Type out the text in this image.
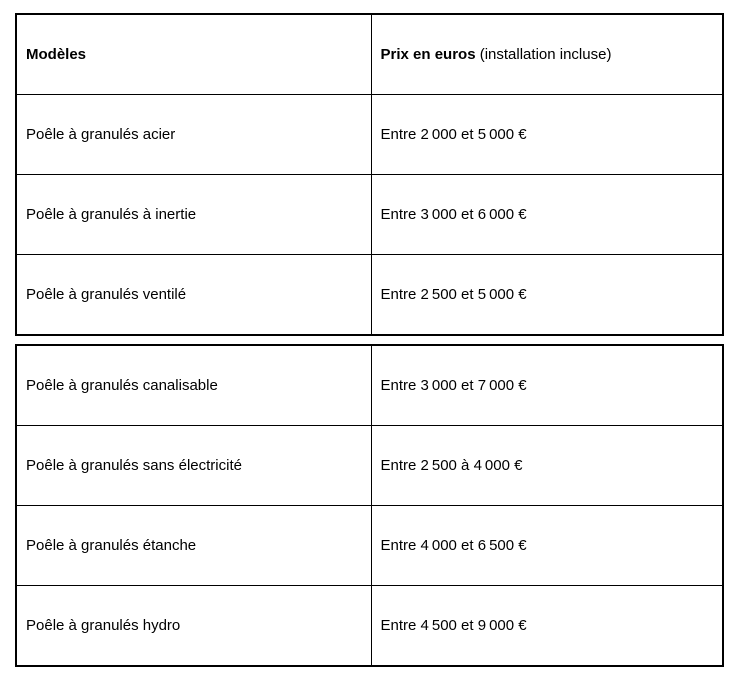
Modèles	Prix en euros (installation incluse)
Poêle à granulés acier	Entre 2 000 et 5 000 €
Poêle à granulés à inertie	Entre 3 000 et 6 000 €
Poêle à granulés ventilé	Entre 2 500 et 5 000 €
Poêle à granulés canalisable	Entre 3 000 et 7 000 €
Poêle à granulés sans électricité	Entre 2 500 à 4 000 €
Poêle à granulés étanche	Entre 4 000 et 6 500 €
Poêle à granulés hydro	Entre 4 500 et 9 000 €
